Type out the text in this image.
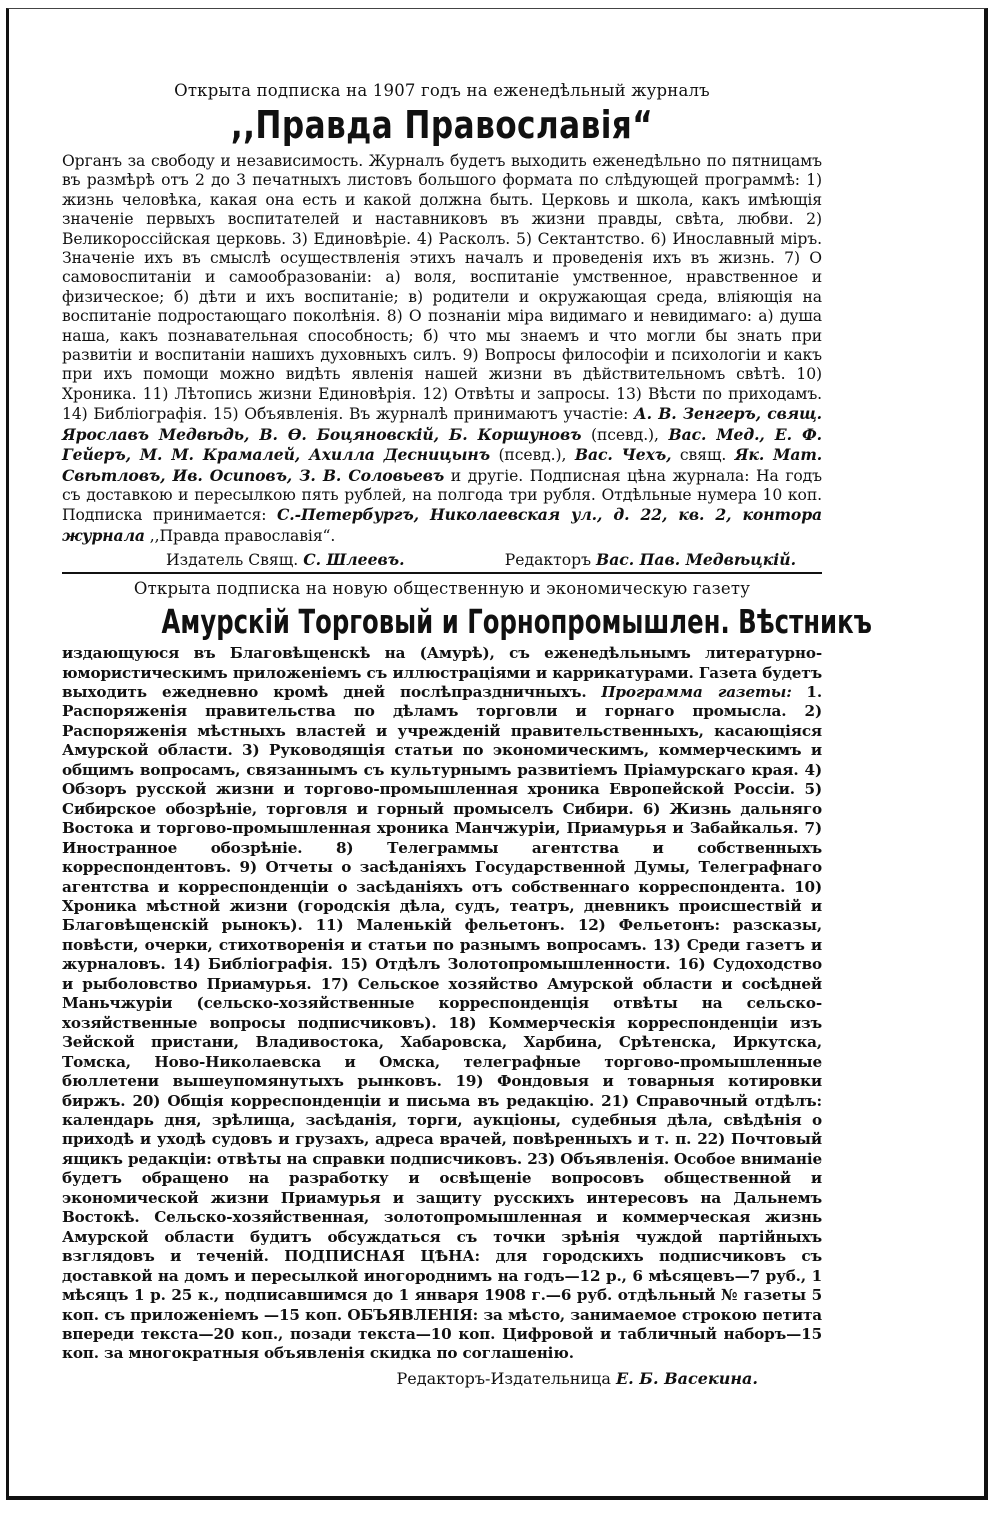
Открыта подписка на 1907 годъ на еженедѣльный журналъ
,,Правда Православія“
Органъ за свободу и независимость. Журналъ будетъ выходить еженедѣльно по пятницамъ въ размѣрѣ отъ 2 до 3 печатныхъ листовъ большого формата по слѣдующей программѣ: 1) жизнь человѣка, какая она есть и какой должна быть. Церковь и школа, какъ имѣющія значеніе первыхъ воспитателей и наставниковъ въ жизни правды, свѣта, любви. 2) Великороссійская церковь. 3) Единовѣріе. 4) Расколъ. 5) Сектантство. 6) Инославный міръ. Значеніе ихъ въ смыслѣ осуществленія этихъ началъ и проведенія ихъ въ жизнь. 7) О самовоспитаніи и самообразованіи: а) воля, воспитаніе умственное, нравственное и физическое; б) дѣти и ихъ воспитаніе; в) родители и окружающая среда, вліяющія на воспитаніе подростающаго поколѣнія. 8) О познаніи міра видимаго и невидимаго: а) душа наша, какъ познавательная способность; б) что мы знаемъ и что могли бы знать при развитіи и воспитаніи нашихъ духовныхъ силъ. 9) Вопросы философіи и психологіи и какъ при ихъ помощи можно видѣть явленія нашей жизни въ дѣйствительномъ свѣтѣ. 10) Хроника. 11) Лѣтопись жизни Единовѣрія. 12) Отвѣты и запросы. 13) Вѣсти по приходамъ. 14) Библіографія. 15) Объявленія. Въ журналѣ принимаютъ участіе: А. В. Зенгеръ, свящ. Ярославъ Медвѣдь, В. Ѳ. Боцяновскій, Б. Коршуновъ (псевд.), Вас. Мед., Е. Ф. Гейеръ, М. М. Крамалей, Ахилла Десницынъ (псевд.), Вас. Чехъ, свящ. Як. Мат. Свѣтловъ, Ив. Осиповъ, З. В. Соловьевъ и другіе. Подписная цѣна журнала: На годъ съ доставкою и пересылкою пять рублей, на полгода три рубля. Отдѣльные нумера 10 коп. Подписка принимается: С.-Петербургъ, Николаевская ул., д. 22, кв. 2, контора журнала ,,Правда православія“.
Издатель Свящ. С. Шлеевъ.	Редакторъ Вас. Пав. Медвѣцкій.
Открыта подписка на новую общественную и экономическую газету
Амурскій Торговый и Горнопромышлен. Вѣстникъ
издающуюся въ Благовѣщенскѣ на (Амурѣ), съ еженедѣльнымъ литературно-юмористическимъ приложеніемъ съ иллюстраціями и каррикатурами. Газета будетъ выходить ежедневно кромѣ дней послѣпраздничныхъ. Программа газеты: 1. Распоряженія правительства по дѣламъ торговли и горнаго промысла. 2) Распоряженія мѣстныхъ властей и учрежденій правительственныхъ, касающіяся Амурской области. 3) Руководящія статьи по экономическимъ, коммерческимъ и общимъ вопросамъ, связаннымъ съ культурнымъ развитіемъ Пріамурскаго края. 4) Обзоръ русской жизни и торгово-промышленная хроника Европейской Россіи. 5) Сибирское обозрѣніе, торговля и горный промыселъ Сибири. 6) Жизнь дальняго Востока и торгово-промышленная хроника Манчжуріи, Приамурья и Забайкалья. 7) Иностранное обозрѣніе. 8) Телеграммы агентства и собственныхъ корреспондентовъ. 9) Отчеты о засѣданіяхъ Государственной Думы, Телеграфнаго агентства и корреспонденціи о засѣданіяхъ отъ собственнаго корреспондента. 10) Хроника мѣстной жизни (городскія дѣла, судъ, театръ, дневникъ происшествій и Благовѣщенскій рынокъ). 11) Маленькій фельетонъ. 12) Фельетонъ: разсказы, повѣсти, очерки, стихотворенія и статьи по разнымъ вопросамъ. 13) Среди газетъ и журналовъ. 14) Библіографія. 15) Отдѣлъ Золотопромышленности. 16) Судоходство и рыболовство Приамурья. 17) Сельское хозяйство Амурской области и сосѣдней Маньчжуріи (сельско-хозяйственные корреспонденція отвѣты на сельско-хозяйственные вопросы подписчиковъ). 18) Коммерческія корреспонденціи изъ Зейской пристани, Владивостока, Хабаровска, Харбина, Срѣтенска, Иркутска, Томска, Ново-Николаевска и Омска, телеграфные торгово-промышленные бюллетени вышеупомянутыхъ рынковъ. 19) Фондовыя и товарныя котировки биржъ. 20) Общія корреспонденціи и письма въ редакцію. 21) Справочный отдѣлъ: календарь дня, зрѣлища, засѣданія, торги, аукціоны, судебныя дѣла, свѣдѣнія о приходѣ и уходѣ судовъ и грузахъ, адреса врачей, повѣренныхъ и т. п. 22) Почтовый ящикъ редакціи: отвѣты на справки подписчиковъ. 23) Объявленія. Особое вниманіе будетъ обращено на разработку и освѣщеніе вопросовъ общественной и экономической жизни Приамурья и защиту русскихъ интересовъ на Дальнемъ Востокѣ. Сельско-хозяйственная, золотопромышленная и коммерческая жизнь Амурской области будитъ обсуждаться съ точки зрѣнія чуждой партійныхъ взглядовъ и теченій. ПОДПИСНАЯ ЦѢНА: для городскихъ подписчиковъ съ доставкой на домъ и пересылкой иногороднимъ на годъ—12 р., 6 мѣсяцевъ—7 руб., 1 мѣсяцъ 1 р. 25 к., подписавшимся до 1 января 1908 г.—6 руб. отдѣльный № газеты 5 коп. съ приложеніемъ —15 коп. ОБЪЯВЛЕНІЯ: за мѣсто, занимаемое строкою петита впереди текста—20 коп., позади текста—10 коп. Цифровой и табличный наборъ—15 коп. за многократныя объявленія скидка по соглашенію.
Редакторъ-Издательница Е. Б. Васекина.
